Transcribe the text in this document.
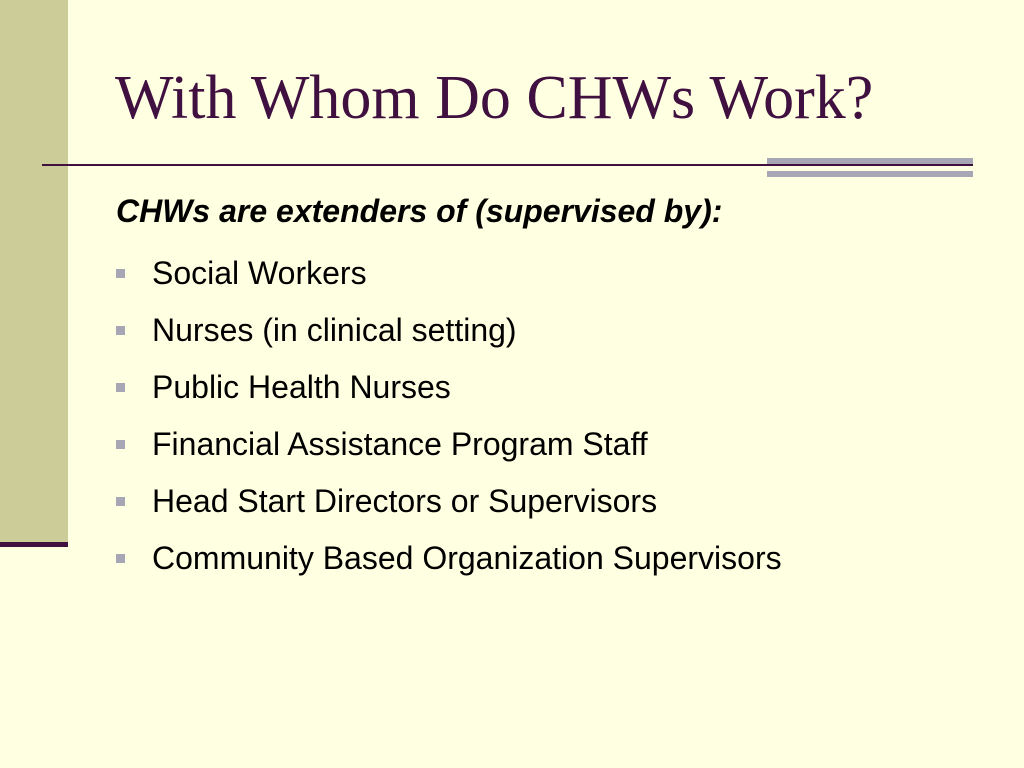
With Whom Do CHWs Work?

CHWs are extenders of (supervised by):

Social Workers
Nurses (in clinical setting)
Public Health Nurses
Financial Assistance Program Staff
Head Start Directors or Supervisors
Community Based Organization Supervisors
